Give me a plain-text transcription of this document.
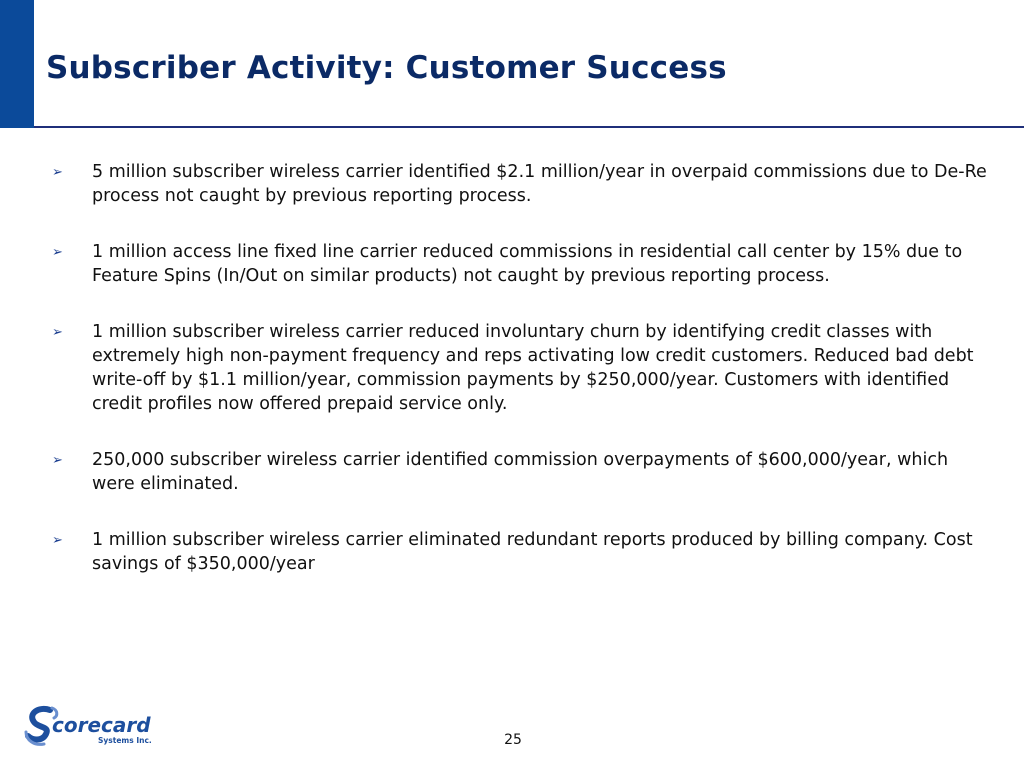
Subscriber Activity: Customer Success
➢	5 million subscriber wireless carrier identified $2.1 million/year in overpaid commissions due to De-Re process not caught by previous reporting process.
➢	1 million access line fixed line carrier reduced commissions in residential call center by 15% due to Feature Spins (In/Out on similar products) not caught by previous reporting process.
➢	1 million subscriber wireless carrier reduced involuntary churn by identifying credit classes with extremely high non-payment frequency and reps activating low credit customers. Reduced bad debt write-off by $1.1 million/year, commission payments by $250,000/year. Customers with identified credit profiles now offered prepaid service only.
➢	250,000 subscriber wireless carrier identified commission overpayments of $600,000/year, which were eliminated.
➢	1 million subscriber wireless carrier eliminated redundant reports produced by billing company. Cost savings of $350,000/year
corecard
Systems Inc.	25
